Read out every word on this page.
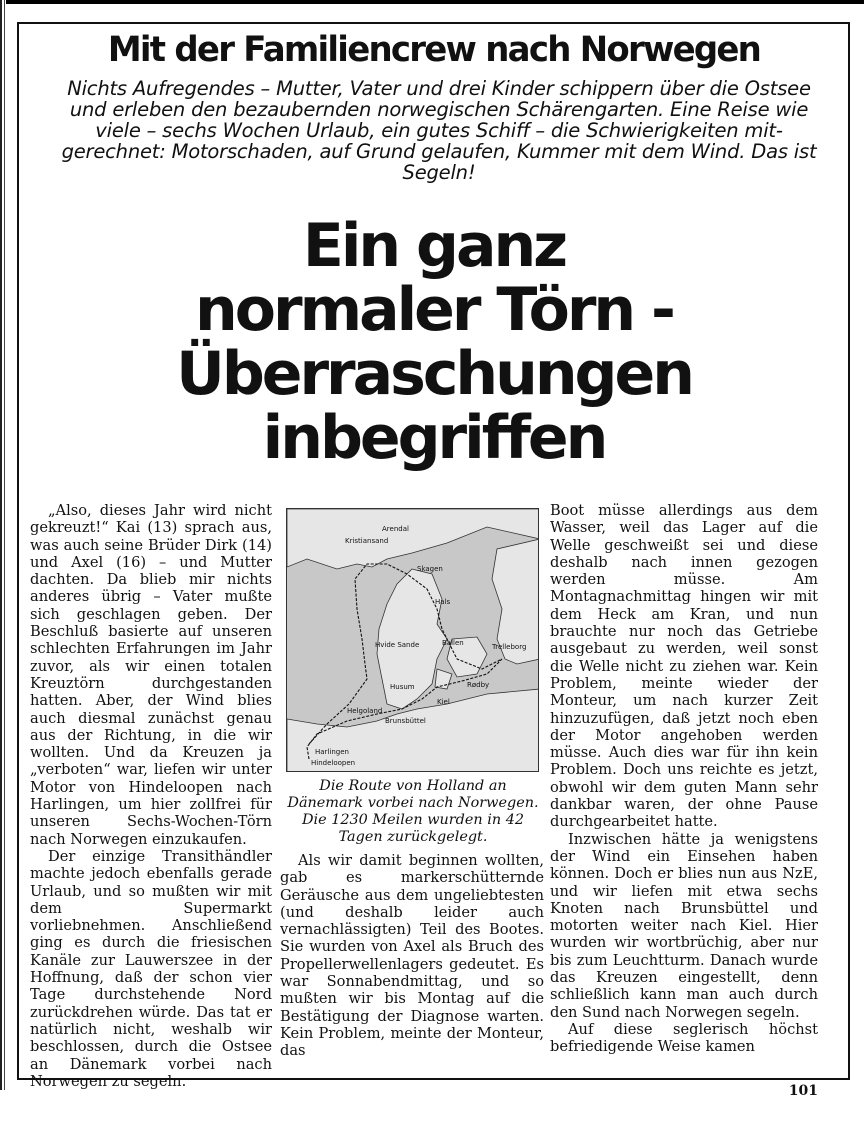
Mit der Familiencrew nach Norwegen
Nichts Aufregendes – Mutter, Vater und drei Kinder schippern über die Ostsee und erleben den bezaubernden norwegischen Schärengarten. Eine Reise wie viele – sechs Wochen Urlaub, ein gutes Schiff – die Schwierigkeiten mit-gerechnet: Motorschaden, auf Grund gelaufen, Kummer mit dem Wind. Das ist Segeln!
Ein ganz
normaler Törn -
Überraschungen
inbegriffen

„Also, dieses Jahr wird nicht gekreuzt!“ Kai (13) sprach aus, was auch seine Brüder Dirk (14) und Axel (16) – und Mutter dachten. Da blieb mir nichts anderes übrig – Vater mußte sich geschlagen geben. Der Beschluß basierte auf unseren schlechten Erfahrungen im Jahr zuvor, als wir einen totalen Kreuztörn durchgestanden hatten. Aber, der Wind blies auch diesmal zunächst genau aus der Richtung, in die wir wollten. Und da Kreuzen ja „verboten“ war, liefen wir unter Motor von Hindeloopen nach Harlingen, um hier zollfrei für unseren Sechs-Wochen-Törn nach Norwegen einzukaufen.

Der einzige Transithändler machte jedoch ebenfalls gerade Urlaub, und so mußten wir mit dem Supermarkt vorliebnehmen. Anschließend ging es durch die friesischen Kanäle zur Lauwerszee in der Hoffnung, daß der schon vier Tage durchstehende Nord zurückdrehen würde. Das tat er natürlich nicht, weshalb wir beschlossen, durch die Ostsee an Dänemark vorbei nach Norwegen zu segeln.

Arendal
Kristiansand
Skagen
Hals
Hvide Sande	Ballen	Trelleborg
Rødby
Husum
Kiel
Helgoland
Brunsbüttel
Harlingen
Hindeloopen
Die Route von Holland an Dänemark vorbei nach Norwegen. Die 1230 Meilen wurden in 42 Tagen zurückgelegt.

Als wir damit beginnen wollten, gab es markerschütternde Geräusche aus dem ungeliebtesten (und deshalb leider auch vernachlässigten) Teil des Bootes. Sie wurden von Axel als Bruch des Propellerwellenlagers gedeutet. Es war Sonnabendmittag, und so mußten wir bis Montag auf die Bestätigung der Diagnose warten. Kein Problem, meinte der Monteur, das

Boot müsse allerdings aus dem Wasser, weil das Lager auf die Welle geschweißt sei und diese deshalb nach innen gezogen werden müsse. Am Montagnachmittag hingen wir mit dem Heck am Kran, und nun brauchte nur noch das Getriebe ausgebaut zu werden, weil sonst die Welle nicht zu ziehen war. Kein Problem, meinte wieder der Monteur, um nach kurzer Zeit hinzuzufügen, daß jetzt noch eben der Motor angehoben werden müsse. Auch dies war für ihn kein Problem. Doch uns reichte es jetzt, obwohl wir dem guten Mann sehr dankbar waren, der ohne Pause durchgearbeitet hatte.

Inzwischen hätte ja wenigstens der Wind ein Einsehen haben können. Doch er blies nun aus NzE, und wir liefen mit etwa sechs Knoten nach Brunsbüttel und motorten weiter nach Kiel. Hier wurden wir wortbrüchig, aber nur bis zum Leuchtturm. Danach wurde das Kreuzen eingestellt, denn schließlich kann man auch durch den Sund nach Norwegen segeln.

Auf diese seglerisch höchst befriedigende Weise kamen

101
